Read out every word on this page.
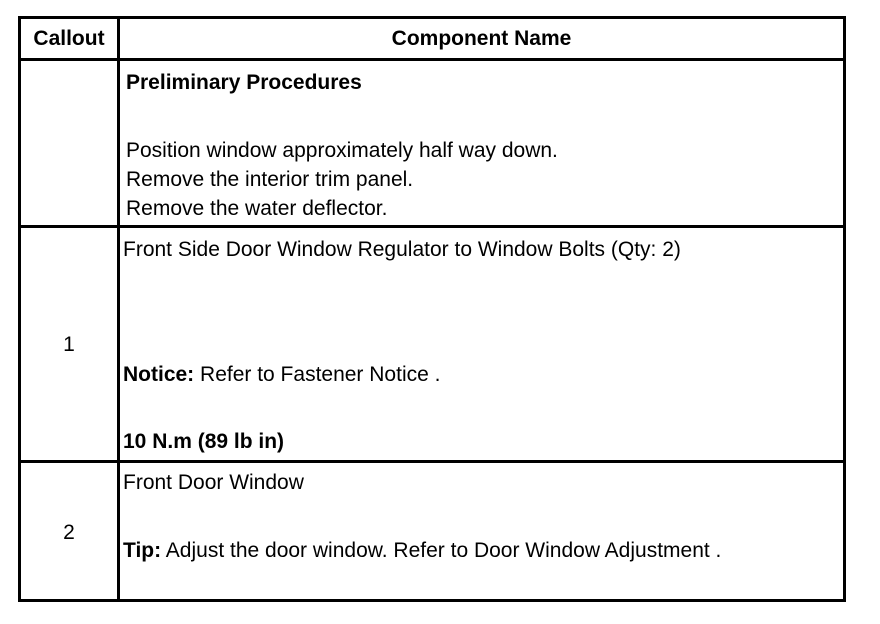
Callout	Component Name
Preliminary Procedures
Position window approximately half way down.
Remove the interior trim panel.
Remove the water deflector.
1
Front Side Door Window Regulator to Window Bolts (Qty: 2)
Notice: Refer to Fastener Notice .
10 N.m (89 lb in)
2
Front Door Window
Tip: Adjust the door window. Refer to Door Window Adjustment .
